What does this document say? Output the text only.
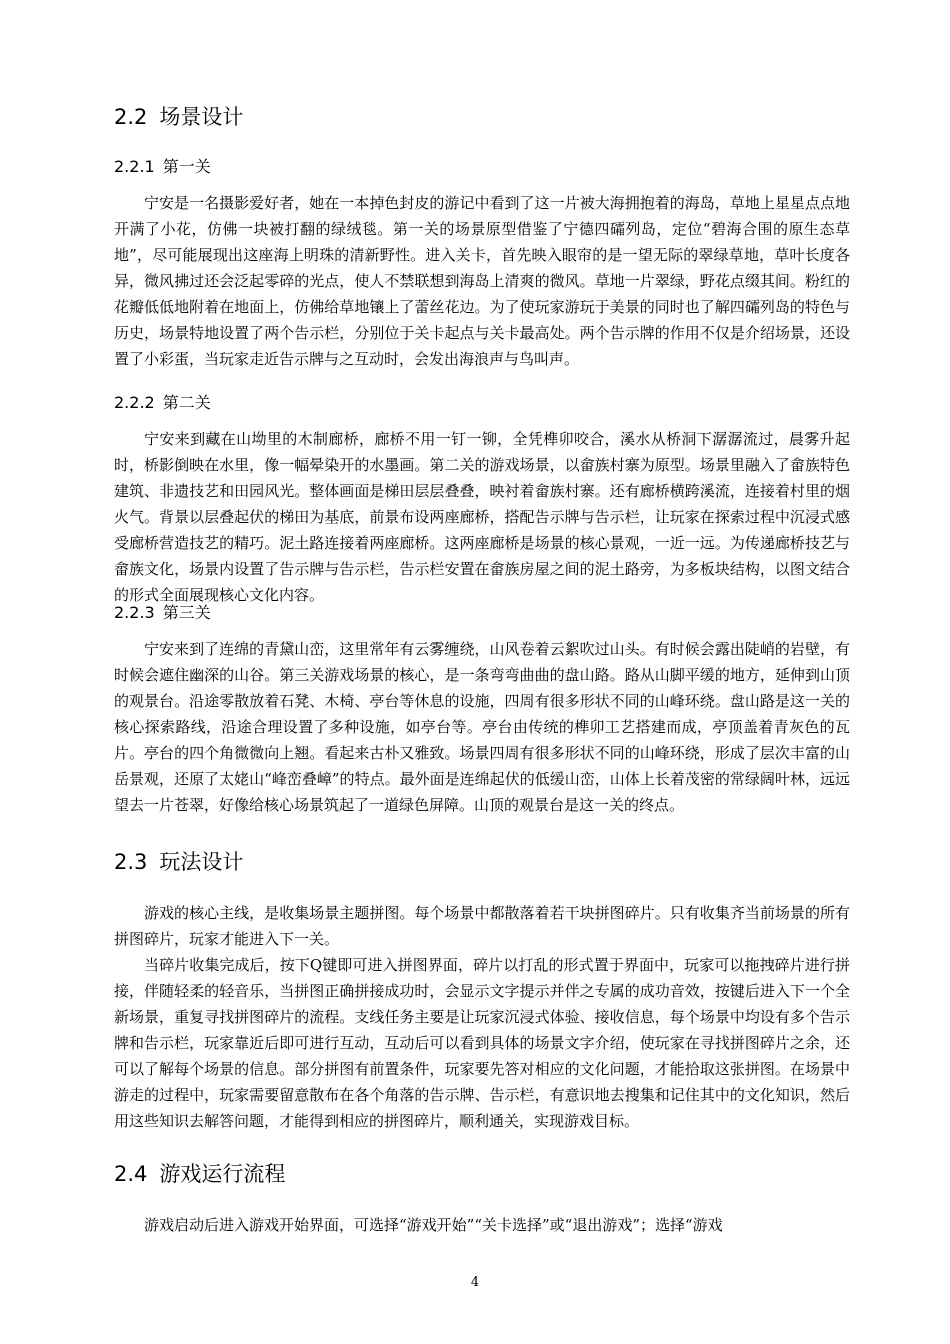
2.2 场景设计
2.2.1 第一关

宁安是一名摄影爱好者，她在一本掉色封皮的游记中看到了这一片被大海拥抱着的海岛，草地上星星点点地开满了小花，仿佛一块被打翻的绿绒毯。第一关的场景原型借鉴了宁德四礵列岛，定位“碧海合围的原生态草地”，尽可能展现出这座海上明珠的清新野性。进入关卡，首先映入眼帘的是一望无际的翠绿草地，草叶长度各异，微风拂过还会泛起零碎的光点，使人不禁联想到海岛上清爽的微风。草地一片翠绿，野花点缀其间。粉红的花瓣低低地附着在地面上，仿佛给草地镶上了蕾丝花边。为了使玩家游玩于美景的同时也了解四礵列岛的特色与历史，场景特地设置了两个告示栏，分别位于关卡起点与关卡最高处。两个告示牌的作用不仅是介绍场景，还设置了小彩蛋，当玩家走近告示牌与之互动时，会发出海浪声与鸟叫声。

2.2.2 第二关

宁安来到藏在山坳里的木制廊桥，廊桥不用一钉一铆，全凭榫卯咬合，溪水从桥洞下潺潺流过，晨雾升起时，桥影倒映在水里，像一幅晕染开的水墨画。第二关的游戏场景，以畲族村寨为原型。场景里融入了畲族特色建筑、非遗技艺和田园风光。整体画面是梯田层层叠叠，映衬着畲族村寨。还有廊桥横跨溪流，连接着村里的烟火气。背景以层叠起伏的梯田为基底，前景布设两座廊桥，搭配告示牌与告示栏，让玩家在探索过程中沉浸式感受廊桥营造技艺的精巧。泥土路连接着两座廊桥。这两座廊桥是场景的核心景观，一近一远。为传递廊桥技艺与畲族文化，场景内设置了告示牌与告示栏，告示栏安置在畲族房屋之间的泥土路旁，为多板块结构，以图文结合的形式全面展现核心文化内容。

2.2.3 第三关

宁安来到了连绵的青黛山峦，这里常年有云雾缠绕，山风卷着云絮吹过山头。有时候会露出陡峭的岩壁，有时候会遮住幽深的山谷。第三关游戏场景的核心，是一条弯弯曲曲的盘山路。路从山脚平缓的地方，延伸到山顶的观景台。沿途零散放着石凳、木椅、亭台等休息的设施，四周有很多形状不同的山峰环绕。盘山路是这一关的核心探索路线，沿途合理设置了多种设施，如亭台等。亭台由传统的榫卯工艺搭建而成，亭顶盖着青灰色的瓦片。亭台的四个角微微向上翘。看起来古朴又雅致。场景四周有很多形状不同的山峰环绕，形成了层次丰富的山岳景观，还原了太姥山“峰峦叠嶂”的特点。最外面是连绵起伏的低缓山峦，山体上长着茂密的常绿阔叶林，远远望去一片苍翠，好像给核心场景筑起了一道绿色屏障。山顶的观景台是这一关的终点。

2.3 玩法设计

游戏的核心主线，是收集场景主题拼图。每个场景中都散落着若干块拼图碎片。只有收集齐当前场景的所有拼图碎片，玩家才能进入下一关。

当碎片收集完成后，按下Q键即可进入拼图界面，碎片以打乱的形式置于界面中，玩家可以拖拽碎片进行拼接，伴随轻柔的轻音乐，当拼图正确拼接成功时，会显示文字提示并伴之专属的成功音效，按键后进入下一个全新场景，重复寻找拼图碎片的流程。支线任务主要是让玩家沉浸式体验、接收信息，每个场景中均设有多个告示牌和告示栏，玩家靠近后即可进行互动，互动后可以看到具体的场景文字介绍，使玩家在寻找拼图碎片之余，还可以了解每个场景的信息。部分拼图有前置条件，玩家要先答对相应的文化问题，才能拾取这张拼图。在场景中游走的过程中，玩家需要留意散布在各个角落的告示牌、告示栏，有意识地去搜集和记住其中的文化知识，然后用这些知识去解答问题，才能得到相应的拼图碎片，顺利通关，实现游戏目标。

2.4 游戏运行流程

游戏启动后进入游戏开始界面，可选择“游戏开始”“关卡选择”或“退出游戏”；选择“游戏

4
